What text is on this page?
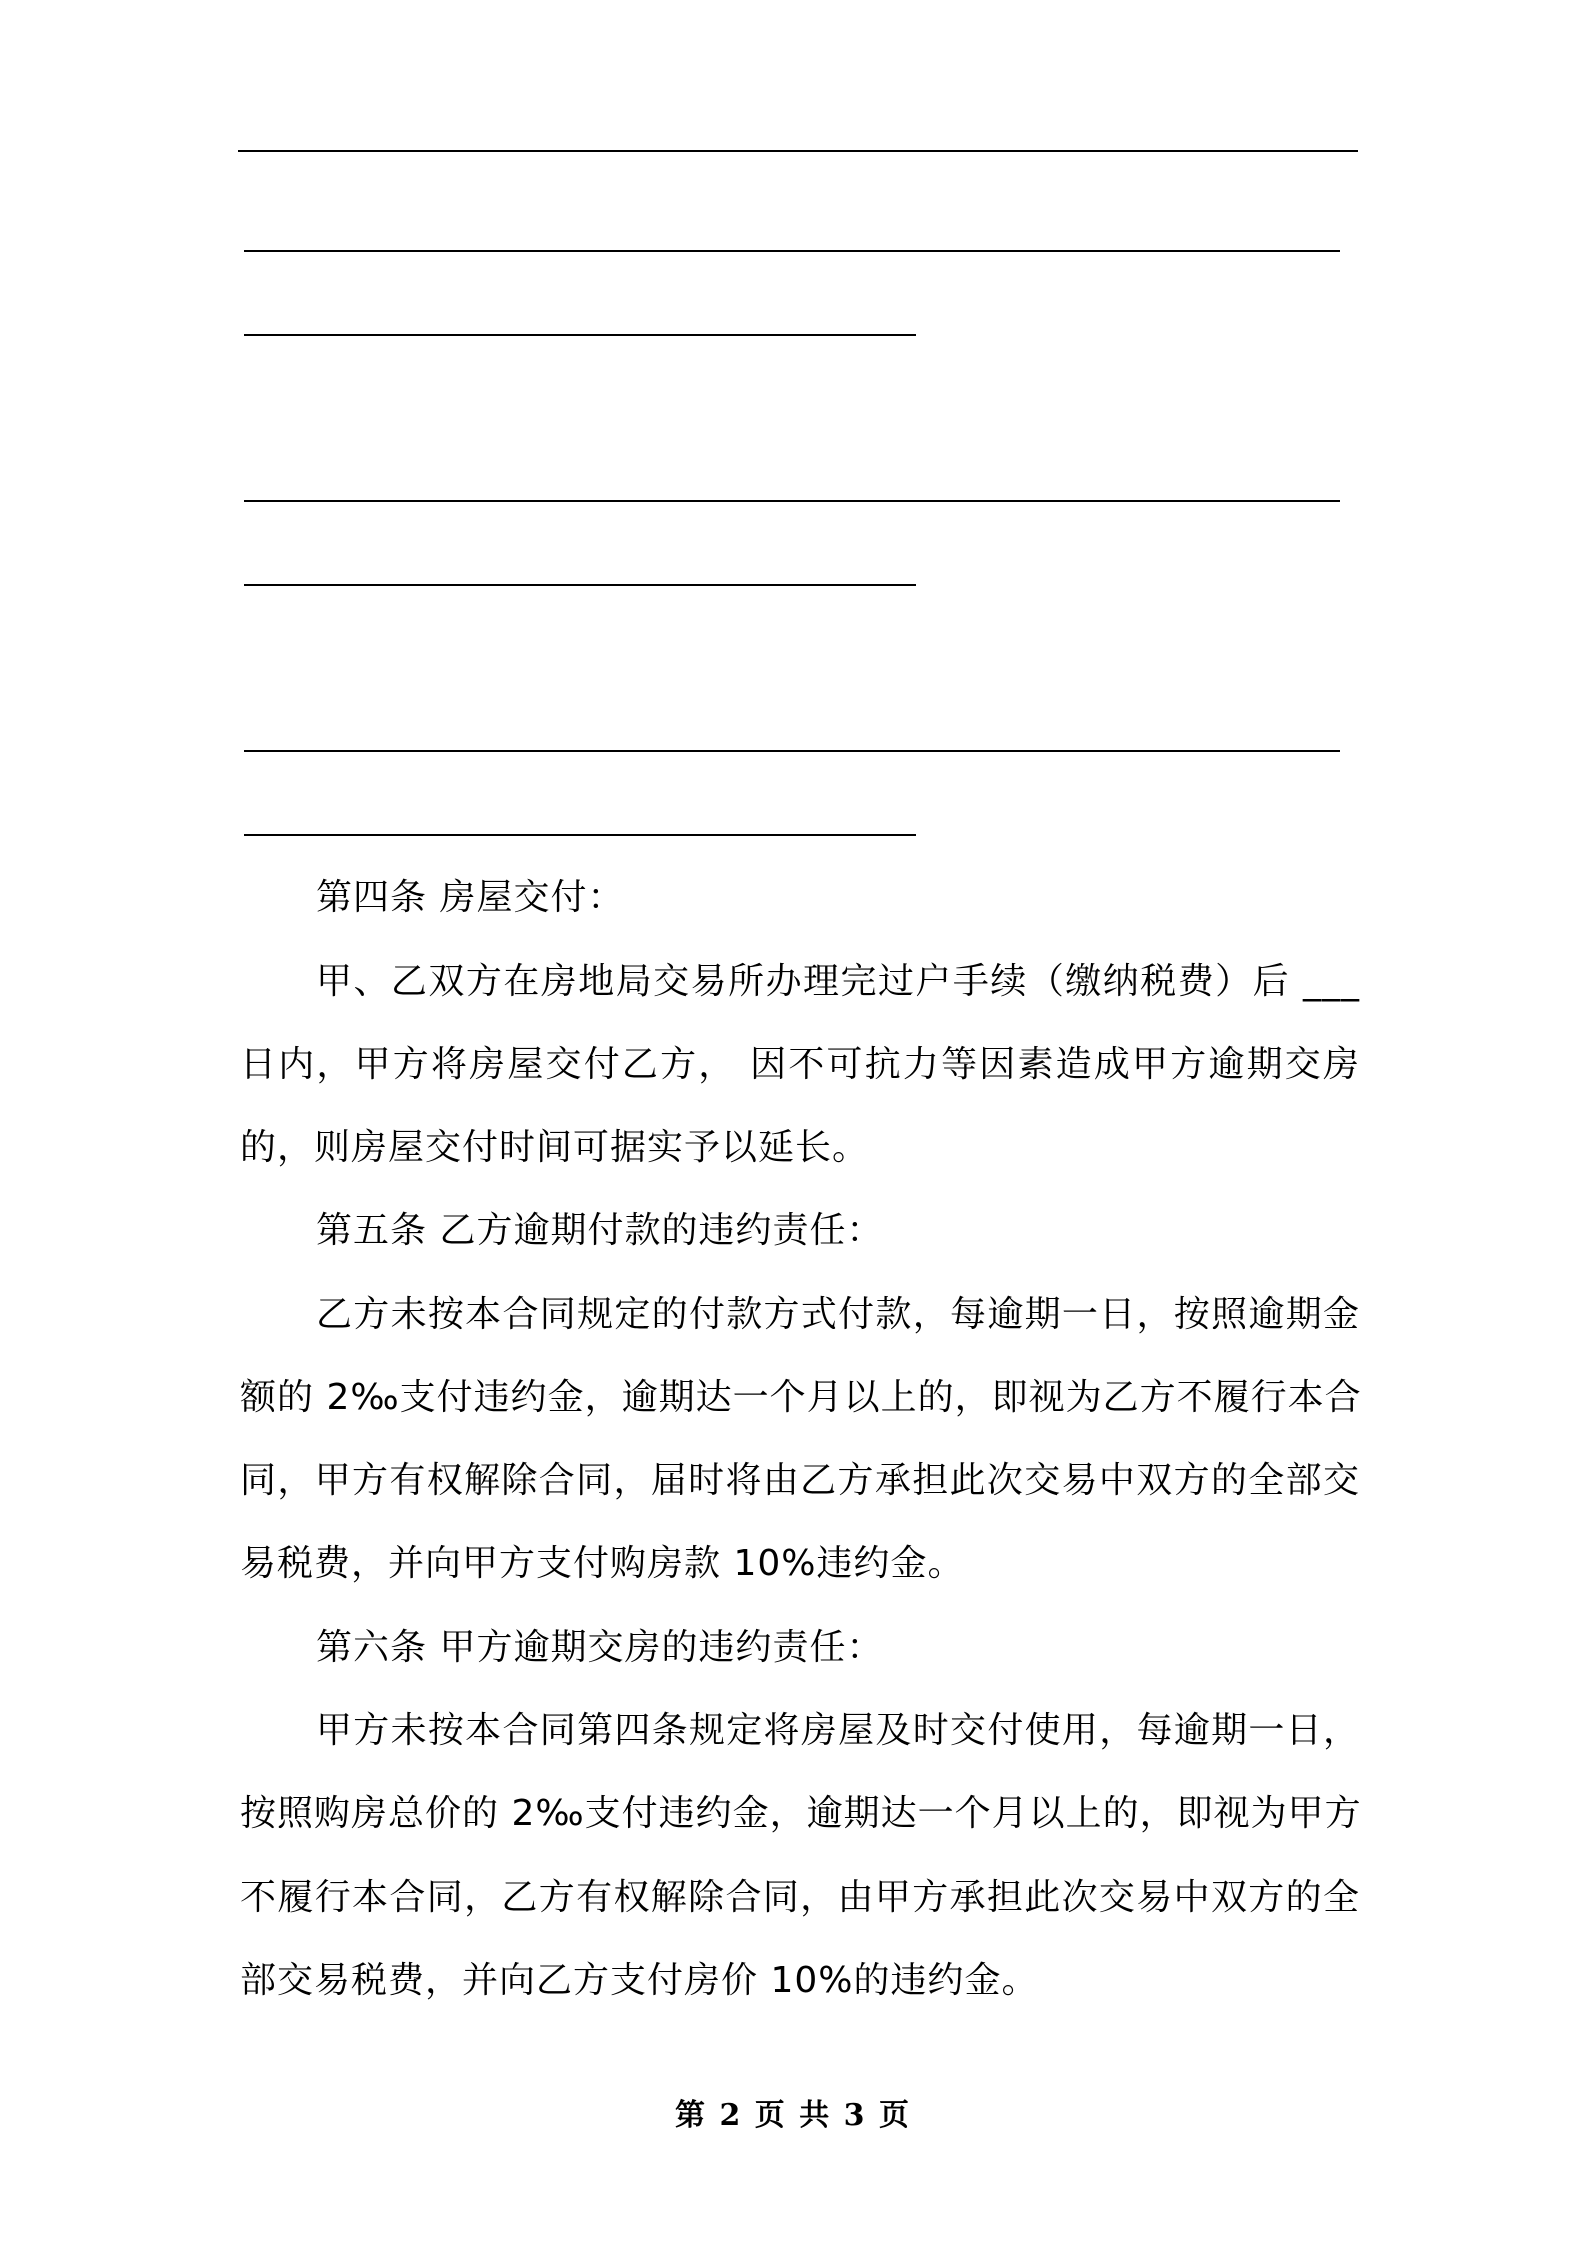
第四条 房屋交付：
甲、乙双方在房地局交易所办理完过户手续（缴纳税费）后 ___
日内，甲方将房屋交付乙方， 因不可抗力等因素造成甲方逾期交房
的，则房屋交付时间可据实予以延长。
第五条 乙方逾期付款的违约责任：
乙方未按本合同规定的付款方式付款，每逾期一日，按照逾期金
额的 2‰支付违约金，逾期达一个月以上的，即视为乙方不履行本合
同，甲方有权解除合同，届时将由乙方承担此次交易中双方的全部交
易税费，并向甲方支付购房款 10%违约金。
第六条 甲方逾期交房的违约责任：
甲方未按本合同第四条规定将房屋及时交付使用，每逾期一日，
按照购房总价的 2‰支付违约金，逾期达一个月以上的，即视为甲方
不履行本合同，乙方有权解除合同，由甲方承担此次交易中双方的全
部交易税费，并向乙方支付房价 10%的违约金。
第 2 页 共 3 页
